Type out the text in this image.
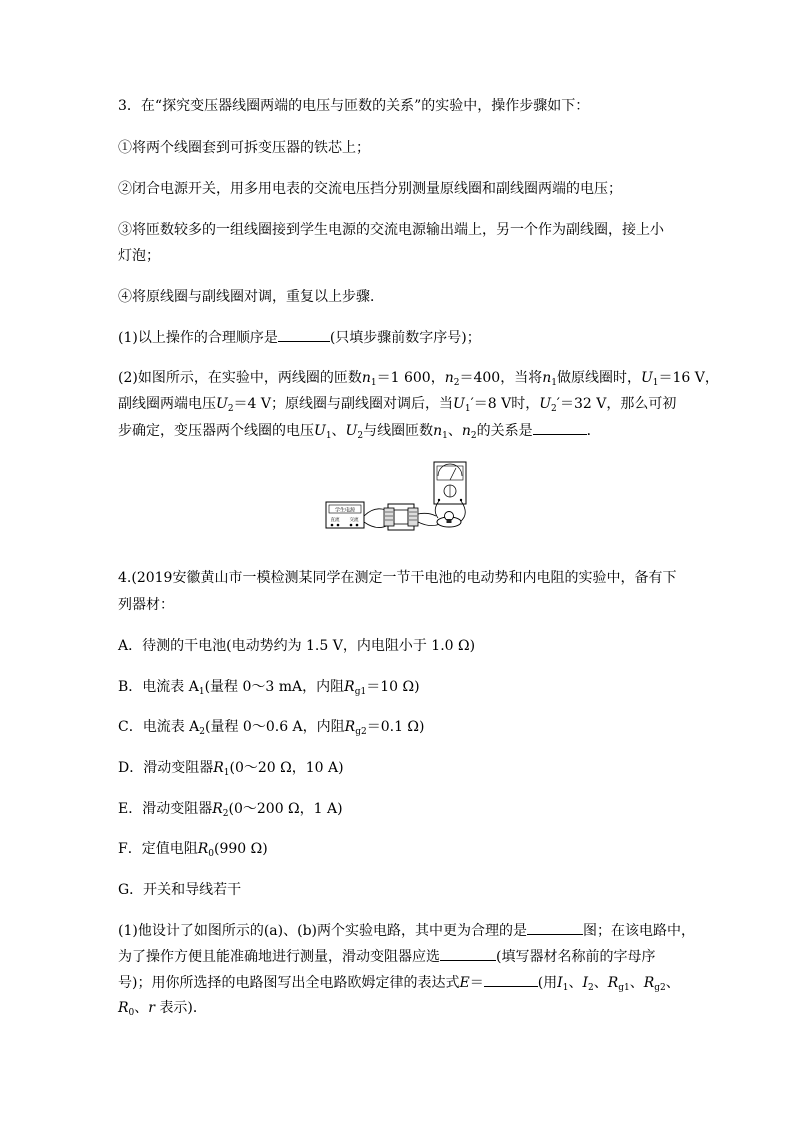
3．在“探究变压器线圈两端的电压与匝数的关系”的实验中，操作步骤如下：
①将两个线圈套到可拆变压器的铁芯上；
②闭合电源开关，用多用电表的交流电压挡分别测量原线圈和副线圈两端的电压；
③将匝数较多的一组线圈接到学生电源的交流电源输出端上，另一个作为副线圈，接上小
灯泡；
④将原线圈与副线圈对调，重复以上步骤．
(1)以上操作的合理顺序是	(只填步骤前数字序号)；
(2)如图所示，在实验中，两线圈的匝数$n_1=1$ 600，$n_2=400$，当将$n_1$做原线圈时，$U_1=16$ V，
副线圈两端电压$U_2=4$ V；原线圈与副线圈对调后，当$U_1'=8$ V时，$U_2'=32$ V，那么可初
步确定，变压器两个线圈的电压$U_1$、$U_2$与线圈匝数$n_1$、$n_2$的关系是	．
学生电源
直流 交流
4.(2019安徽黄山市一模检测某同学在测定一节干电池的电动势和内电阻的实验中，备有下
列器材：
A．待测的干电池(电动势约为 1.5 V，内电阻小于 1.0 Ω)
B．电流表 $A_1$(量程 0～3 mA，内阻$R_{g1}=10$ Ω)
C．电流表 $A_2$(量程 0～0.6 A，内阻$R_{g2}=0.1$ Ω)
D．滑动变阻器$R_1(0\sim 20$ Ω，10 A)
E．滑动变阻器$R_2(0\sim 200$ Ω，1 A)
F．定值电阻$R_0(990$ Ω)
G．开关和导线若干
(1)他设计了如图所示的(a)、(b)两个实验电路，其中更为合理的是	图；在该电路中，
为了操作方便且能准确地进行测量，滑动变阻器应选	(填写器材名称前的字母序
号)；用你所选择的电路图写出全电路欧姆定律的表达式E＝	(用$I_1$、$I_2$、$R_{g1}$、$R_{g2}$、
$R_0$、r 表示)．
